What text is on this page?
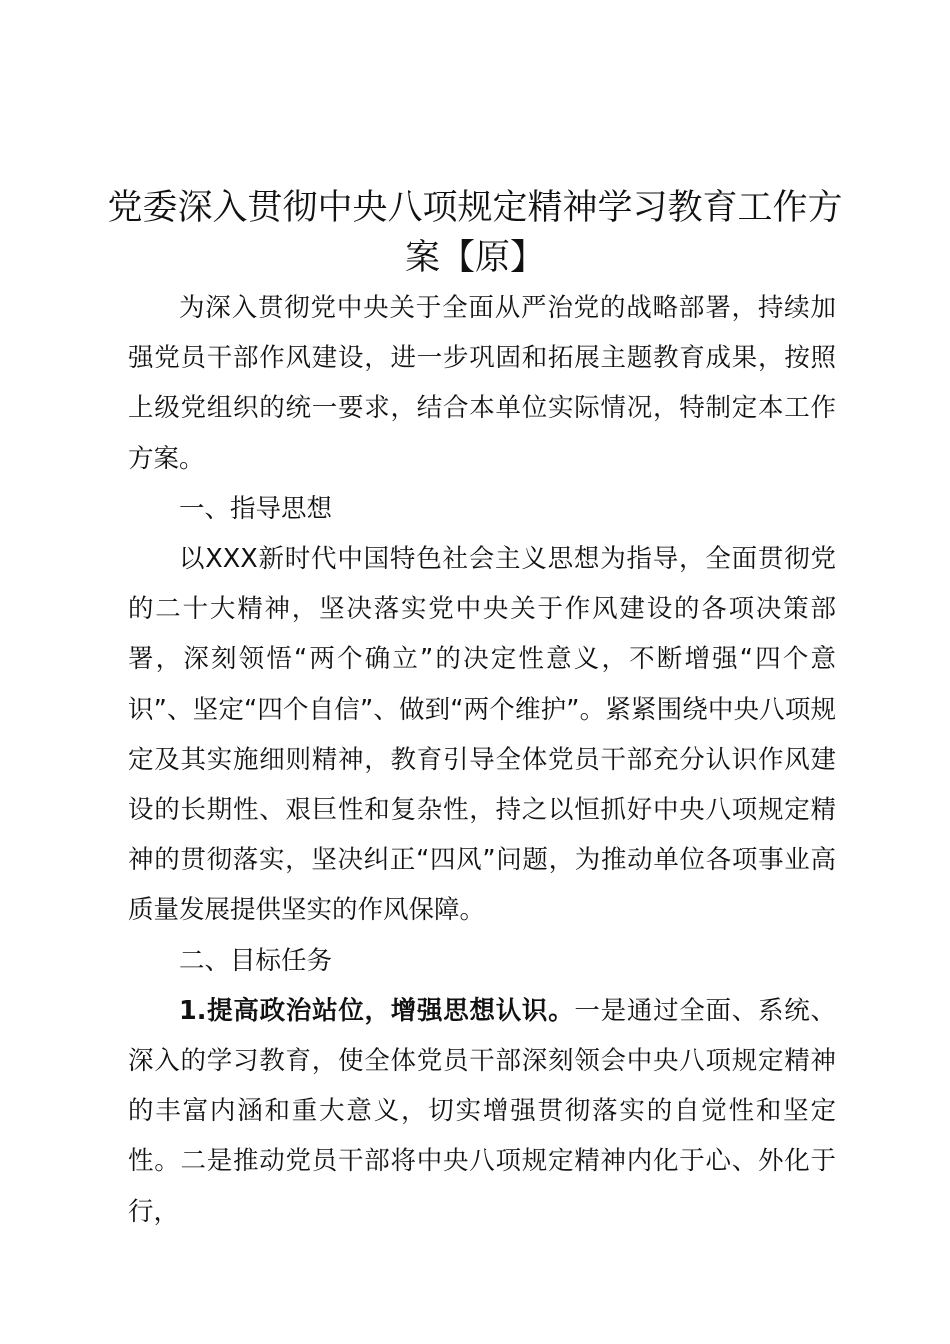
党委深入贯彻中央八项规定精神学习教育工作方案【原】

为深入贯彻党中央关于全面从严治党的战略部署，持续加强党员干部作风建设，进一步巩固和拓展主题教育成果，按照上级党组织的统一要求，结合本单位实际情况，特制定本工作方案。

一、指导思想

以XXX新时代中国特色社会主义思想为指导，全面贯彻党的二十大精神，坚决落实党中央关于作风建设的各项决策部署，深刻领悟“两个确立”的决定性意义，不断增强“四个意识”、坚定“四个自信”、做到“两个维护”。紧紧围绕中央八项规定及其实施细则精神，教育引导全体党员干部充分认识作风建设的长期性、艰巨性和复杂性，持之以恒抓好中央八项规定精神的贯彻落实，坚决纠正“四风”问题，为推动单位各项事业高质量发展提供坚实的作风保障。

二、目标任务

1.提高政治站位，增强思想认识。一是通过全面、系统、深入的学习教育，使全体党员干部深刻领会中央八项规定精神的丰富内涵和重大意义，切实增强贯彻落实的自觉性和坚定性。二是推动党员干部将中央八项规定精神内化于心、外化于行，
